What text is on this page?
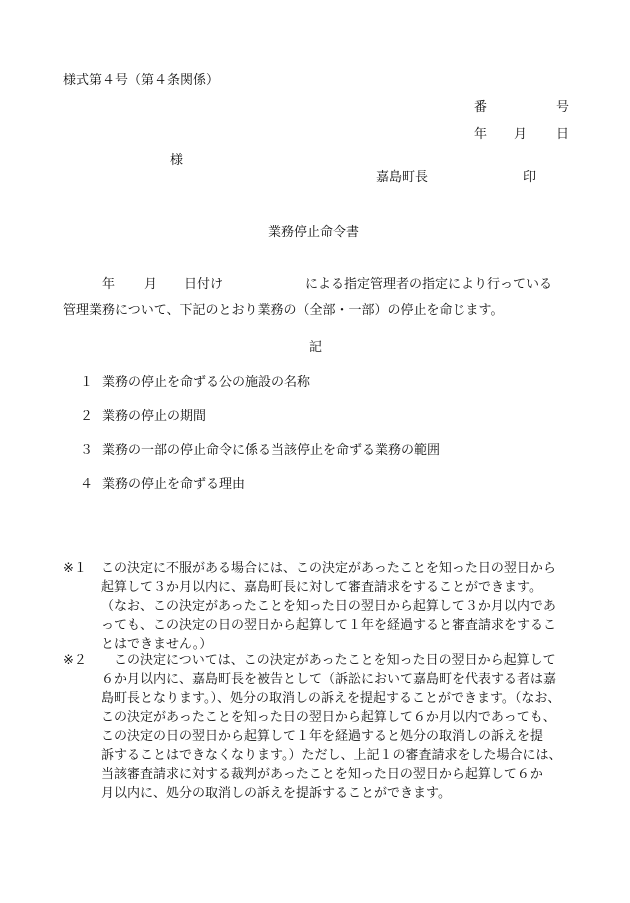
様式第４号（第４条関係）
番	号
年 月 日
様
嘉島町長	印
業務停止命令書
年 月 日付け	による指定管理者の指定により行っている
管理業務について、下記のとおり業務の（全部・一部）の停止を命じます。
記
１ 業務の停止を命ずる公の施設の名称
２ 業務の停止の期間
３ 業務の一部の停止命令に係る当該停止を命ずる業務の範囲
４ 業務の停止を命ずる理由
※１ この決定に不服がある場合には、この決定があったことを知った日の翌日から

起算して３か月以内に、嘉島町長に対して審査請求をすることができます。

（なお、この決定があったことを知った日の翌日から起算して３か月以内であ

っても、この決定の日の翌日から起算して１年を経過すると審査請求をするこ

とはできません。）

※２ 　この決定については、この決定があったことを知った日の翌日から起算して

６か月以内に、嘉島町長を被告として（訴訟において嘉島町を代表する者は嘉

島町長となります。）、処分の取消しの訴えを提起することができます。（なお、

この決定があったことを知った日の翌日から起算して６か月以内であっても、

この決定の日の翌日から起算して１年を経過すると処分の取消しの訴えを提

訴することはできなくなります。）ただし、上記１の審査請求をした場合には、

当該審査請求に対する裁判があったことを知った日の翌日から起算して６か

月以内に、処分の取消しの訴えを提訴することができます。
